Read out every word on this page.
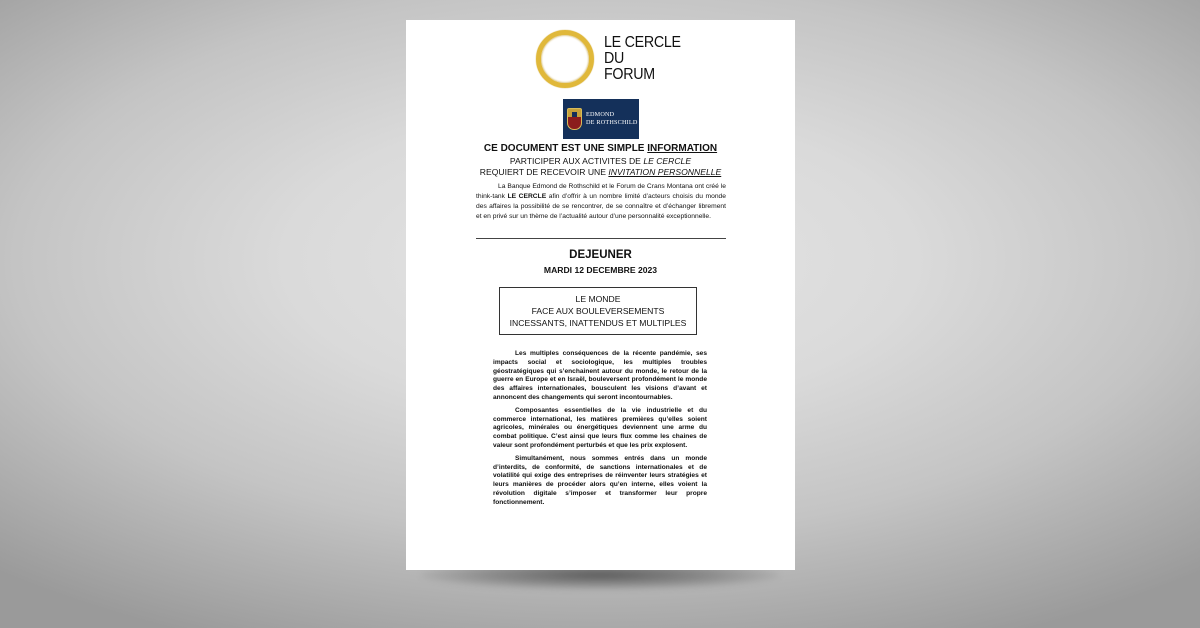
LE CERCLE
DU
FORUM
EDMOND
DE ROTHSCHILD
CE DOCUMENT EST UNE SIMPLE INFORMATION
PARTICIPER AUX ACTIVITES DE LE CERCLE
REQUIERT DE RECEVOIR UNE INVITATION PERSONNELLE
La Banque Edmond de Rothschild et le Forum de Crans Montana ont créé le think-tank LE CERCLE afin d’offrir à un nombre limité d’acteurs choisis du monde des affaires la possibilité de se rencontrer, de se connaître et d’échanger librement et en privé sur un thème de l’actualité autour d’une personnalité exceptionnelle.
DEJEUNER
MARDI 12 DECEMBRE 2023
LE MONDE
FACE AUX BOULEVERSEMENTS
INCESSANTS, INATTENDUS ET MULTIPLES

Les multiples conséquences de la récente pandémie, ses impacts social et sociologique, les multiples troubles géostratégiques qui s’enchainent autour du monde, le retour de la guerre en Europe et en Israël, bouleversent profondément le monde des affaires internationales, bousculent les visions d’avant et annoncent des changements qui seront incontournables.

Composantes essentielles de la vie industrielle et du commerce international, les matières premières qu’elles soient agricoles, minérales ou énergétiques deviennent une arme du combat politique. C’est ainsi que leurs flux comme les chaines de valeur sont profondément perturbés et que les prix explosent.

Simultanément, nous sommes entrés dans un monde d’interdits, de conformité, de sanctions internationales et de volatilité qui exige des entreprises de réinventer leurs stratégies et leurs manières de procéder alors qu’en interne, elles voient la révolution digitale s’imposer et transformer leur propre fonctionnement.
